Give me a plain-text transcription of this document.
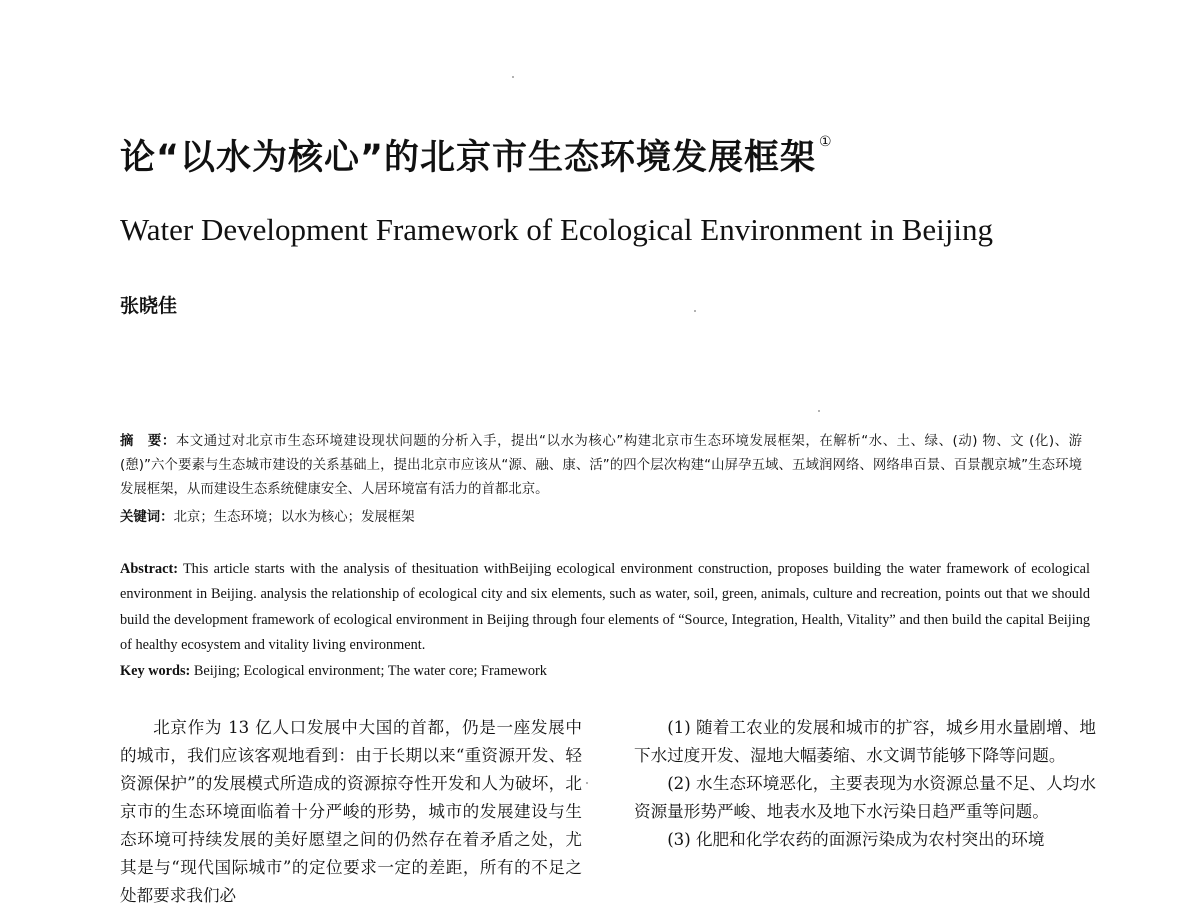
论“以水为核心”的北京市生态环境发展框架 ①
Water Development Framework of Ecological Environment in Beijing
张晓佳

摘　要：本文通过对北京市生态环境建设现状问题的分析入手，提出“以水为核心”构建北京市生态环境发展框架，在解析“水、土、绿、(动) 物、文 (化)、游 (憩)”六个要素与生态城市建设的关系基础上，提出北京市应该从“源、融、康、活”的四个层次构建“山屏孕五域、五域润网络、网络串百景、百景靓京城”生态环境发展框架，从而建设生态系统健康安全、人居环境富有活力的首都北京。

关键词：北京；生态环境；以水为核心；发展框架

Abstract: This article starts with the analysis of thesituation withBeijing ecological environment construction, proposes building the water framework of ecological environment in Beijing. analysis the relationship of ecological city and six elements, such as water, soil, green, animals, culture and recreation, points out that we should build the development framework of ecological environment in Beijing through four elements of “Source, Integration, Health, Vitality” and then build the capital Beijing of healthy ecosystem and vitality living environment.

Key words: Beijing; Ecological environment; The water core; Framework

北京作为 13 亿人口发展中大国的首都，仍是一座发展中的城市，我们应该客观地看到：由于长期以来“重资源开发、轻资源保护”的发展模式所造成的资源掠夺性开发和人为破坏，北京市的生态环境面临着十分严峻的形势，城市的发展建设与生态环境可持续发展的美好愿望之间的仍然存在着矛盾之处，尤其是与“现代国际城市”的定位要求一定的差距，所有的不足之处都要求我们必

(1) 随着工农业的发展和城市的扩容，城乡用水量剧增、地下水过度开发、湿地大幅萎缩、水文调节能够下降等问题。

(2) 水生态环境恶化，主要表现为水资源总量不足、人均水资源量形势严峻、地表水及地下水污染日趋严重等问题。

(3) 化肥和化学农药的面源污染成为农村突出的环境
